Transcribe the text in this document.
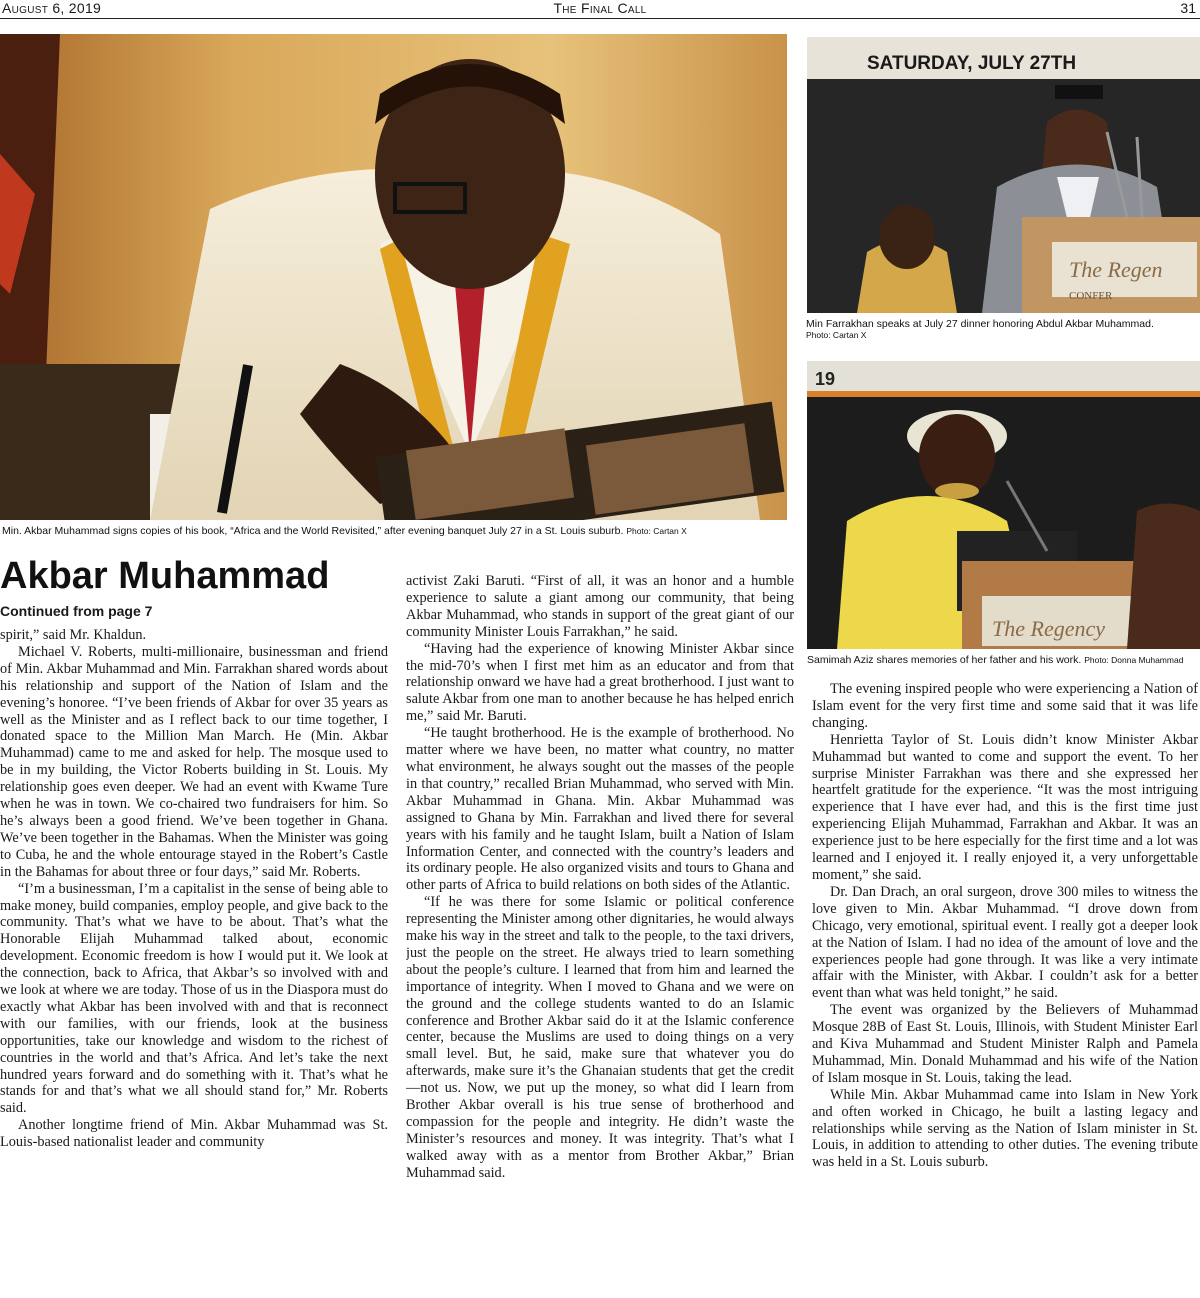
The Final Call
August 6, 2019	31
Min. Akbar Muhammad signs copies of his book, “Africa and the World Revisited,” after evening banquet July 27 in a St. Louis suburb. Photo: Cartan X
SATURDAY, JULY 27TH
The Regen
CONFER
Min Farrakhan speaks at July 27 dinner honoring Abdul Akbar Muhammad.
Photo: Cartan X
19
The Regency
Samimah Aziz shares memories of her father and his work. Photo: Donna Muhammad
Akbar Muhammad
Continued from page 7

spirit,” said Mr. Khaldun.

Michael V. Roberts, multi-millionaire, businessman and friend of Min. Akbar Muhammad and Min. Farrakhan shared words about his relationship and support of the Nation of Islam and the evening’s honoree. “I’ve been friends of Akbar for over 35 years as well as the Minister and as I reflect back to our time together, I donated space to the Million Man March. He (Min. Akbar Muhammad) came to me and asked for help. The mosque used to be in my building, the Victor Roberts building in St. Louis. My relationship goes even deeper. We had an event with Kwame Ture when he was in town. We co-chaired two fundraisers for him. So he’s always been a good friend. We’ve been together in Ghana. We’ve been together in the Bahamas. When the Minister was going to Cuba, he and the whole entourage stayed in the Robert’s Castle in the Bahamas for about three or four days,” said Mr. Roberts.

“I’m a businessman, I’m a capitalist in the sense of being able to make money, build companies, employ people, and give back to the community. That’s what we have to be about. That’s what the Honorable Elijah Muhammad talked about, economic development. Economic freedom is how I would put it. We look at the connection, back to Africa, that Akbar’s so involved with and we look at where we are today. Those of us in the Diaspora must do exactly what Akbar has been involved with and that is reconnect with our families, with our friends, look at the business opportunities, take our knowledge and wisdom to the richest of countries in the world and that’s Africa. And let’s take the next hundred years forward and do something with it. That’s what he stands for and that’s what we all should stand for,” Mr. Roberts said.

Another longtime friend of Min. Akbar Muhammad was St. Louis-based nationalist leader and community

activist Zaki Baruti. “First of all, it was an honor and a humble experience to salute a giant among our community, that being Akbar Muhammad, who stands in support of the great giant of our community Minister Louis Farrakhan,” he said.

“Having had the experience of knowing Minister Akbar since the mid-70’s when I first met him as an educator and from that relationship onward we have had a great brotherhood. I just want to salute Akbar from one man to another because he has helped enrich me,” said Mr. Baruti.

“He taught brotherhood. He is the example of brotherhood. No matter where we have been, no matter what country, no matter what environment, he always sought out the masses of the people in that country,” recalled Brian Muhammad, who served with Min. Akbar Muhammad in Ghana. Min. Akbar Muhammad was assigned to Ghana by Min. Farrakhan and lived there for several years with his family and he taught Islam, built a Nation of Islam Information Center, and connected with the country’s leaders and its ordinary people. He also organized visits and tours to Ghana and other parts of Africa to build relations on both sides of the Atlantic.

“If he was there for some Islamic or political conference representing the Minister among other dignitaries, he would always make his way in the street and talk to the people, to the taxi drivers, just the people on the street. He always tried to learn something about the people’s culture. I learned that from him and learned the importance of integrity. When I moved to Ghana and we were on the ground and the college students wanted to do an Islamic conference and Brother Akbar said do it at the Islamic conference center, because the Muslims are used to doing things on a very small level. But, he said, make sure that whatever you do afterwards, make sure it’s the Ghanaian students that get the credit—not us. Now, we put up the money, so what did I learn from Brother Akbar overall is his true sense of brotherhood and compassion for the people and integrity. He didn’t waste the Minister’s resources and money. It was integrity. That’s what I walked away with as a mentor from Brother Akbar,” Brian Muhammad said.

The evening inspired people who were experiencing a Nation of Islam event for the very first time and some said that it was life changing.

Henrietta Taylor of St. Louis didn’t know Minister Akbar Muhammad but wanted to come and support the event. To her surprise Minister Farrakhan was there and she expressed her heartfelt gratitude for the experience. “It was the most intriguing experience that I have ever had, and this is the first time just experiencing Elijah Muhammad, Farrakhan and Akbar. It was an experience just to be here especially for the first time and a lot was learned and I enjoyed it. I really enjoyed it, a very unforgettable moment,” she said.

Dr. Dan Drach, an oral surgeon, drove 300 miles to witness the love given to Min. Akbar Muhammad. “I drove down from Chicago, very emotional, spiritual event. I really got a deeper look at the Nation of Islam. I had no idea of the amount of love and the experiences people had gone through. It was like a very intimate affair with the Minister, with Akbar. I couldn’t ask for a better event than what was held tonight,” he said.

The event was organized by the Believers of Muhammad Mosque 28B of East St. Louis, Illinois, with Student Minister Earl and Kiva Muhammad and Student Minister Ralph and Pamela Muhammad, Min. Donald Muhammad and his wife of the Nation of Islam mosque in St. Louis, taking the lead.

While Min. Akbar Muhammad came into Islam in New York and often worked in Chicago, he built a lasting legacy and relationships while serving as the Nation of Islam minister in St. Louis, in addition to attending to other duties. The evening tribute was held in a St. Louis suburb.
